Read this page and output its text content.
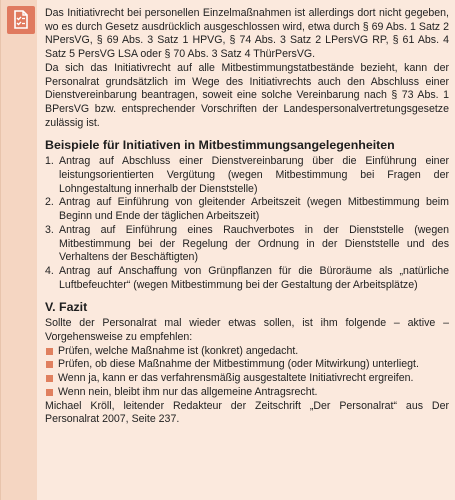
Das Initiativrecht bei personellen Einzelmaßnahmen ist allerdings dort nicht gegeben, wo es durch Gesetz ausdrücklich ausgeschlossen wird, etwa durch § 69 Abs. 1 Satz 2 NPersVG, § 69 Abs. 3 Satz 1 HPVG, § 74 Abs. 3 Satz 2 LPersVG RP, § 61 Abs. 4 Satz 5 PersVG LSA oder § 70 Abs. 3 Satz 4 ThürPersVG.

Da sich das Initiativrecht auf alle Mitbestimmungstatbestände bezieht, kann der Personalrat grundsätzlich im Wege des Initiativrechts auch den Abschluss einer Dienstvereinbarung beantragen, soweit eine solche Vereinbarung nach § 73 Abs. 1 BPersVG bzw. entsprechender Vorschriften der Landespersonalvertretungsgesetze zulässig ist.

Beispiele für Initiativen in Mitbestimmungsangelegenheiten
1. Antrag auf Abschluss einer Dienstvereinbarung über die Einführung einer leistungsorientierten Vergütung (wegen Mitbestimmung bei Fragen der Lohngestaltung innerhalb der Dienststelle)
2. Antrag auf Einführung von gleitender Arbeitszeit (wegen Mitbestimmung beim Beginn und Ende der täglichen Arbeitszeit)
3. Antrag auf Einführung eines Rauchverbotes in der Dienststelle (wegen Mitbestimmung bei der Regelung der Ordnung in der Dienststelle und des Verhaltens der Beschäftigten)
4. Antrag auf Anschaffung von Grünpflanzen für die Büroräume als „natürliche Luftbefeuchter“ (wegen Mitbestimmung bei der Gestaltung der Arbeitsplätze)
V. Fazit

Sollte der Personalrat mal wieder etwas sollen, ist ihm folgende – aktive – Vorgehensweise zu empfehlen:

Prüfen, welche Maßnahme ist (konkret) angedacht.
Prüfen, ob diese Maßnahme der Mitbestimmung (oder Mitwirkung) unterliegt.
Wenn ja, kann er das verfahrensmäßig ausgestaltete Initiativrecht ergreifen.
Wenn nein, bleibt ihm nur das allgemeine Antragsrecht.

Michael Kröll, leitender Redakteur der Zeitschrift „Der Personalrat“ aus Der Personalrat 2007, Seite 237.
